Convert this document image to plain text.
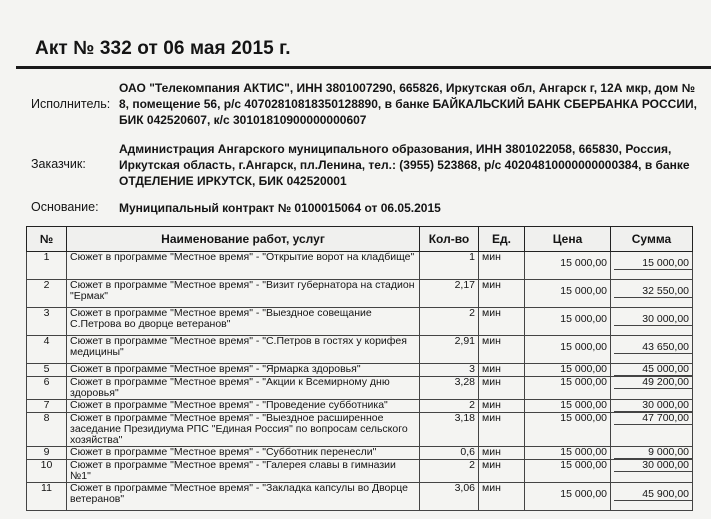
Акт № 332 от 06 мая 2015 г.
Исполнитель:
ОАО "Телекомпания АКТИС", ИНН 3801007290, 665826, Иркутская обл, Ангарск г, 12А мкр, дом № 8, помещение 56, р/с 40702810818350128890, в банке БАЙКАЛЬСКИЙ БАНК СБЕРБАНКА РОССИИ, БИК 042520607, к/с 30101810900000000607
Заказчик:
Администрация Ангарского муниципального образования, ИНН 3801022058, 665830, Россия, Иркутская область, г.Ангарск, пл.Ленина, тел.: (3955) 523868, р/с 40204810000000000384, в банке ОТДЕЛЕНИЕ ИРКУТСК, БИК 042520001
Основание: Муниципальный контракт № 0100015064 от 06.05.2015
№	Наименование работ, услуг	Кол-во	Ед.	Цена	Сумма
1	Сюжет в программе "Местное время" - "Открытие ворот на кладбище"	1	мин	15 000,00	15 000,00

2	Сюжет в программе "Местное время" - "Визит губернатора на стадион "Ермак"	2,17	мин	15 000,00	32 550,00

3	Сюжет в программе "Местное время" - "Выездное совещание С.Петрова во дворце ветеранов"	2	мин	15 000,00	30 000,00

4	Сюжет в программе "Местное время" - "С.Петров в гостях у корифея медицины"	2,91	мин	15 000,00	43 650,00

5	Сюжет в программе "Местное время" - "Ярмарка здоровья"	3	мин	15 000,00	45 000,00

6	Сюжет в программе "Местное время" - "Акции к Всемирному дню здоровья"	3,28	мин	15 000,00	49 200,00

7	Сюжет в программе "Местное время" - "Проведение субботника"	2	мин	15 000,00	30 000,00

8	Сюжет в программе "Местное время" - "Выездное расширенное заседание Президиума РПС "Единая Россия" по вопросам сельского хозяйства"	3,18	мин	15 000,00	47 700,00

9	Сюжет в программе "Местное время" - "Субботник перенесли"	0,6	мин	15 000,00	9 000,00

10	Сюжет в программе "Местное время" - "Галерея славы в гимназии №1"	2	мин	15 000,00	30 000,00

11	Сюжет в программе "Местное время" - "Закладка капсулы во Дворце ветеранов"	3,06	мин	15 000,00	45 900,00
